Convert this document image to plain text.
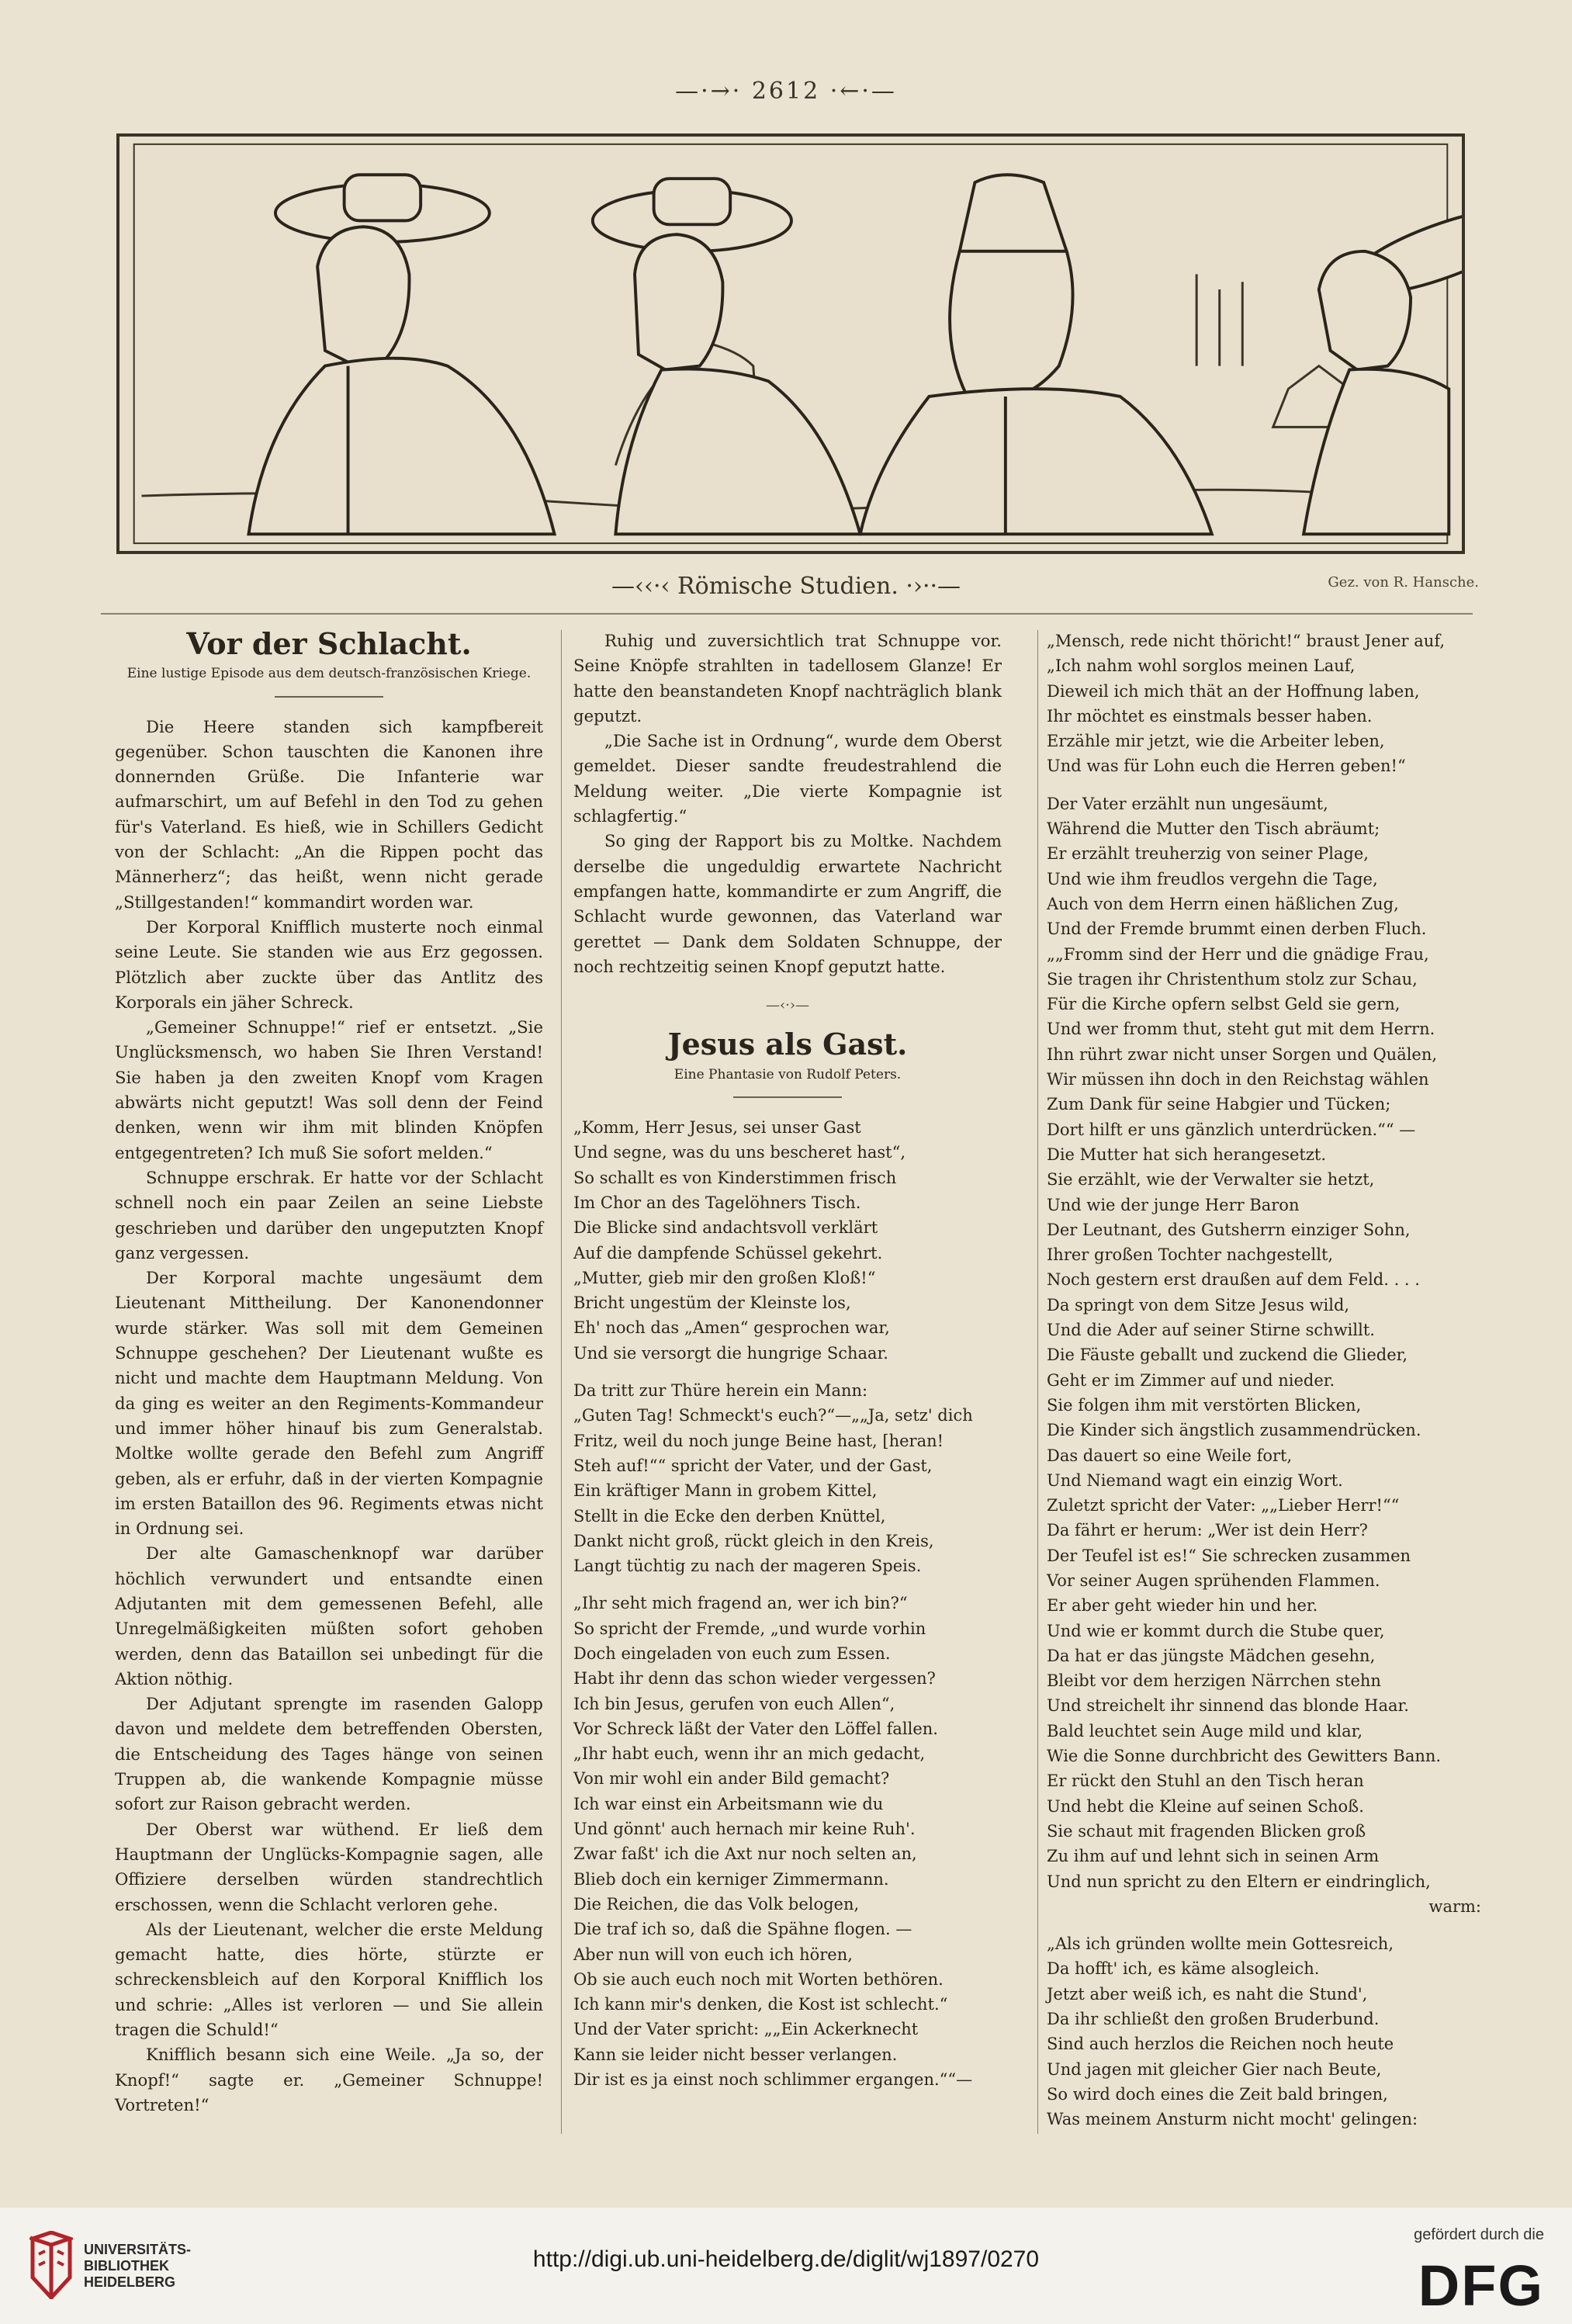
—·→· 2612 ·←·—
—‹‹·‹ Römische Studien. ·›··—	Gez. von R. Hansche.
Vor der Schlacht.
Eine lustige Episode aus dem deutsch-französischen Kriege.

Die Heere standen sich kampfbereit gegenüber. Schon tauschten die Kanonen ihre donnernden Grüße. Die Infanterie war aufmarschirt, um auf Befehl in den Tod zu gehen für's Vaterland. Es hieß, wie in Schillers Gedicht von der Schlacht: „An die Rippen pocht das Männerherz“; das heißt, wenn nicht gerade „Stillgestanden!“ kommandirt worden war.

Der Korporal Knifflich musterte noch einmal seine Leute. Sie standen wie aus Erz gegossen. Plötzlich aber zuckte über das Antlitz des Korporals ein jäher Schreck.

„Gemeiner Schnuppe!“ rief er entsetzt. „Sie Unglücksmensch, wo haben Sie Ihren Verstand! Sie haben ja den zweiten Knopf vom Kragen abwärts nicht geputzt! Was soll denn der Feind denken, wenn wir ihm mit blinden Knöpfen entgegentreten? Ich muß Sie sofort melden.“

Schnuppe erschrak. Er hatte vor der Schlacht schnell noch ein paar Zeilen an seine Liebste geschrieben und darüber den ungeputzten Knopf ganz vergessen.

Der Korporal machte ungesäumt dem Lieutenant Mittheilung. Der Kanonendonner wurde stärker. Was soll mit dem Gemeinen Schnuppe geschehen? Der Lieutenant wußte es nicht und machte dem Hauptmann Meldung. Von da ging es weiter an den Regiments-Kommandeur und immer höher hinauf bis zum Generalstab. Moltke wollte gerade den Befehl zum Angriff geben, als er erfuhr, daß in der vierten Kompagnie im ersten Bataillon des 96. Regiments etwas nicht in Ordnung sei.

Der alte Gamaschenknopf war darüber höchlich verwundert und entsandte einen Adjutanten mit dem gemessenen Befehl, alle Unregelmäßigkeiten müßten sofort gehoben werden, denn das Bataillon sei unbedingt für die Aktion nöthig.

Der Adjutant sprengte im rasenden Galopp davon und meldete dem betreffenden Obersten, die Entscheidung des Tages hänge von seinen Truppen ab, die wankende Kompagnie müsse sofort zur Raison gebracht werden.

Der Oberst war wüthend. Er ließ dem Hauptmann der Unglücks-Kompagnie sagen, alle Offiziere derselben würden standrechtlich erschossen, wenn die Schlacht verloren gehe.

Als der Lieutenant, welcher die erste Meldung gemacht hatte, dies hörte, stürzte er schreckensbleich auf den Korporal Knifflich los und schrie: „Alles ist verloren — und Sie allein tragen die Schuld!“

Knifflich besann sich eine Weile. „Ja so, der Knopf!“ sagte er. „Gemeiner Schnuppe! Vortreten!“

Ruhig und zuversichtlich trat Schnuppe vor. Seine Knöpfe strahlten in tadellosem Glanze! Er hatte den beanstandeten Knopf nachträglich blank geputzt.

„Die Sache ist in Ordnung“, wurde dem Oberst gemeldet. Dieser sandte freudestrahlend die Meldung weiter. „Die vierte Kompagnie ist schlagfertig.“

So ging der Rapport bis zu Moltke. Nachdem derselbe die ungeduldig erwartete Nachricht empfangen hatte, kommandirte er zum Angriff, die Schlacht wurde gewonnen, das Vaterland war gerettet — Dank dem Soldaten Schnuppe, der noch rechtzeitig seinen Knopf geputzt hatte.

—‹·›—
Jesus als Gast.
Eine Phantasie von Rudolf Peters.
„Komm, Herr Jesus, sei unser Gast
Und segne, was du uns bescheret hast“,
So schallt es von Kinderstimmen frisch
Im Chor an des Tagelöhners Tisch.
Die Blicke sind andachtsvoll verklärt
Auf die dampfende Schüssel gekehrt.
„Mutter, gieb mir den großen Kloß!“
Bricht ungestüm der Kleinste los,
Eh' noch das „Amen“ gesprochen war,
Und sie versorgt die hungrige Schaar.
Da tritt zur Thüre herein ein Mann:
„Guten Tag! Schmeckt's euch?“—„„Ja, setz' dich
Fritz, weil du noch junge Beine hast, [heran!
Steh auf!““ spricht der Vater, und der Gast,
Ein kräftiger Mann in grobem Kittel,
Stellt in die Ecke den derben Knüttel,
Dankt nicht groß, rückt gleich in den Kreis,
Langt tüchtig zu nach der mageren Speis.
„Ihr seht mich fragend an, wer ich bin?“
So spricht der Fremde, „und wurde vorhin
Doch eingeladen von euch zum Essen.
Habt ihr denn das schon wieder vergessen?
Ich bin Jesus, gerufen von euch Allen“,
Vor Schreck läßt der Vater den Löffel fallen.
„Ihr habt euch, wenn ihr an mich gedacht,
Von mir wohl ein ander Bild gemacht?
Ich war einst ein Arbeitsmann wie du
Und gönnt' auch hernach mir keine Ruh'.
Zwar faßt' ich die Axt nur noch selten an,
Blieb doch ein kerniger Zimmermann.
Die Reichen, die das Volk belogen,
Die traf ich so, daß die Spähne flogen. —
Aber nun will von euch ich hören,
Ob sie auch euch noch mit Worten bethören.
Ich kann mir's denken, die Kost ist schlecht.“
Und der Vater spricht: „„Ein Ackerknecht
Kann sie leider nicht besser verlangen.
Dir ist es ja einst noch schlimmer ergangen.““—
„Mensch, rede nicht thöricht!“ braust Jener auf,
„Ich nahm wohl sorglos meinen Lauf,
Dieweil ich mich thät an der Hoffnung laben,
Ihr möchtet es einstmals besser haben.
Erzähle mir jetzt, wie die Arbeiter leben,
Und was für Lohn euch die Herren geben!“
Der Vater erzählt nun ungesäumt,
Während die Mutter den Tisch abräumt;
Er erzählt treuherzig von seiner Plage,
Und wie ihm freudlos vergehn die Tage,
Auch von dem Herrn einen häßlichen Zug,
Und der Fremde brummt einen derben Fluch.
„„Fromm sind der Herr und die gnädige Frau,
Sie tragen ihr Christenthum stolz zur Schau,
Für die Kirche opfern selbst Geld sie gern,
Und wer fromm thut, steht gut mit dem Herrn.
Ihn rührt zwar nicht unser Sorgen und Quälen,
Wir müssen ihn doch in den Reichstag wählen
Zum Dank für seine Habgier und Tücken;
Dort hilft er uns gänzlich unterdrücken.““ —
Die Mutter hat sich herangesetzt.
Sie erzählt, wie der Verwalter sie hetzt,
Und wie der junge Herr Baron
Der Leutnant, des Gutsherrn einziger Sohn,
Ihrer großen Tochter nachgestellt,
Noch gestern erst draußen auf dem Feld. . . .
Da springt von dem Sitze Jesus wild,
Und die Ader auf seiner Stirne schwillt.
Die Fäuste geballt und zuckend die Glieder,
Geht er im Zimmer auf und nieder.
Sie folgen ihm mit verstörten Blicken,
Die Kinder sich ängstlich zusammendrücken.
Das dauert so eine Weile fort,
Und Niemand wagt ein einzig Wort.
Zuletzt spricht der Vater: „„Lieber Herr!““
Da fährt er herum: „Wer ist dein Herr?
Der Teufel ist es!“ Sie schrecken zusammen
Vor seiner Augen sprühenden Flammen.
Er aber geht wieder hin und her.
Und wie er kommt durch die Stube quer,
Da hat er das jüngste Mädchen gesehn,
Bleibt vor dem herzigen Närrchen stehn
Und streichelt ihr sinnend das blonde Haar.
Bald leuchtet sein Auge mild und klar,
Wie die Sonne durchbricht des Gewitters Bann.
Er rückt den Stuhl an den Tisch heran
Und hebt die Kleine auf seinen Schoß.
Sie schaut mit fragenden Blicken groß
Zu ihm auf und lehnt sich in seinen Arm
Und nun spricht zu den Eltern er eindringlich,
warm:
„Als ich gründen wollte mein Gottesreich,
Da hofft' ich, es käme alsogleich.
Jetzt aber weiß ich, es naht die Stund',
Da ihr schließt den großen Bruderbund.
Sind auch herzlos die Reichen noch heute
Und jagen mit gleicher Gier nach Beute,
So wird doch eines die Zeit bald bringen,
Was meinem Ansturm nicht mocht' gelingen:
UNIVERSITÄTS-
BIBLIOTHEK
HEIDELBERG
http://digi.ub.uni-heidelberg.de/diglit/wj1897/0270
gefördert durch die
DFG
